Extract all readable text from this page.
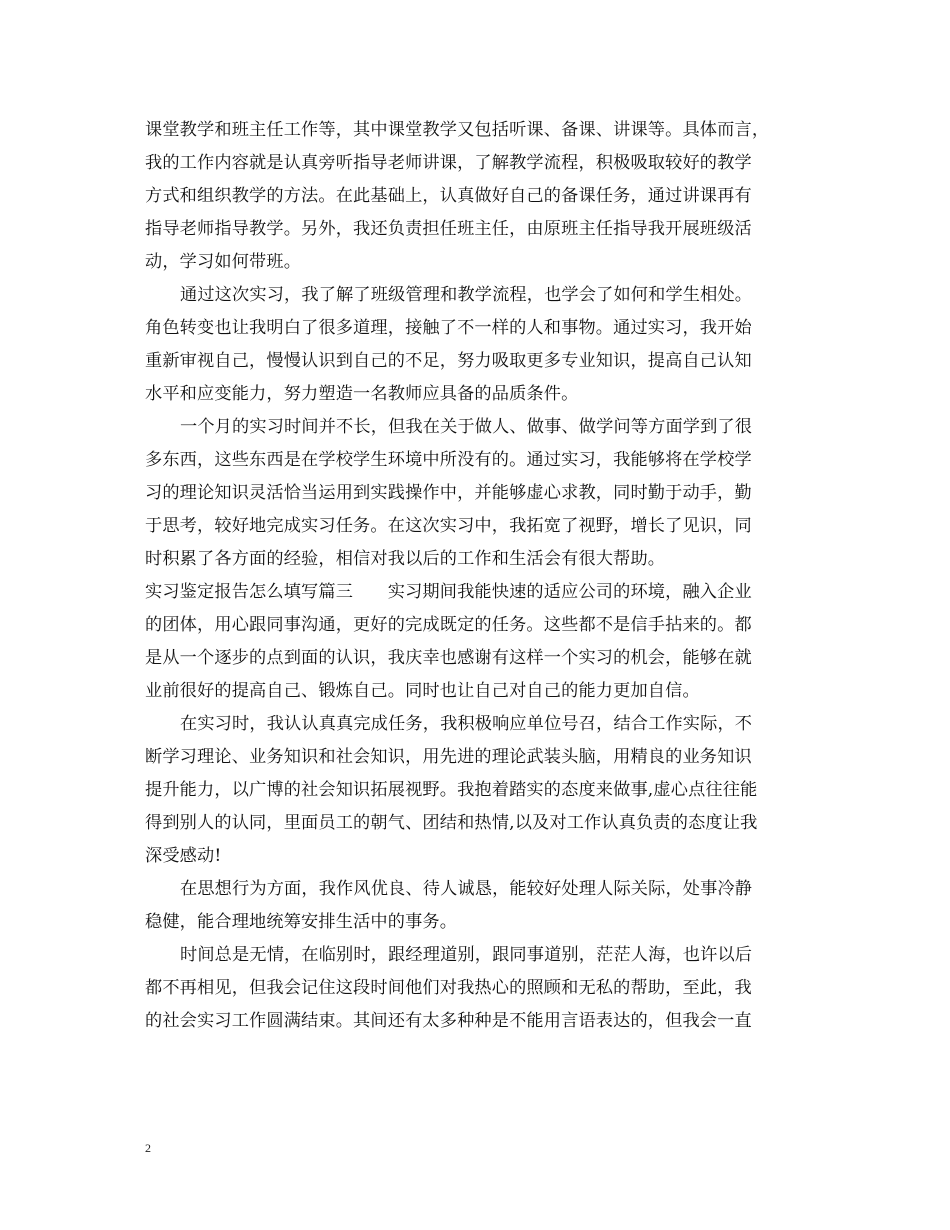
课堂教学和班主任工作等，其中课堂教学又包括听课、备课、讲课等。具体而言，
我的工作内容就是认真旁听指导老师讲课，了解教学流程，积极吸取较好的教学
方式和组织教学的方法。在此基础上，认真做好自己的备课任务，通过讲课再有
指导老师指导教学。另外，我还负责担任班主任，由原班主任指导我开展班级活
动，学习如何带班。
通过这次实习，我了解了班级管理和教学流程，也学会了如何和学生相处。
角色转变也让我明白了很多道理，接触了不一样的人和事物。通过实习，我开始
重新审视自己，慢慢认识到自己的不足，努力吸取更多专业知识，提高自己认知
水平和应变能力，努力塑造一名教师应具备的品质条件。
一个月的实习时间并不长，但我在关于做人、做事、做学问等方面学到了很
多东西，这些东西是在学校学生环境中所没有的。通过实习，我能够将在学校学
习的理论知识灵活恰当运用到实践操作中，并能够虚心求教，同时勤于动手，勤
于思考，较好地完成实习任务。在这次实习中，我拓宽了视野，增长了见识，同
时积累了各方面的经验，相信对我以后的工作和生活会有很大帮助。
实习鉴定报告怎么填写篇三　　实习期间我能快速的适应公司的环境，融入企业
的团体，用心跟同事沟通，更好的完成既定的任务。这些都不是信手拈来的。都
是从一个逐步的点到面的认识，我庆幸也感谢有这样一个实习的机会，能够在就
业前很好的提高自己、锻炼自己。同时也让自己对自己的能力更加自信。
在实习时，我认认真真完成任务，我积极响应单位号召，结合工作实际，不
断学习理论、业务知识和社会知识，用先进的理论武装头脑，用精良的业务知识
提升能力，以广博的社会知识拓展视野。我抱着踏实的态度来做事,虚心点往往能
得到别人的认同，里面员工的朝气、团结和热情,以及对工作认真负责的态度让我
深受感动!
在思想行为方面，我作风优良、待人诚恳，能较好处理人际关际，处事冷静
稳健，能合理地统筹安排生活中的事务。
时间总是无情，在临别时，跟经理道别，跟同事道别，茫茫人海，也许以后
都不再相见，但我会记住这段时间他们对我热心的照顾和无私的帮助，至此，我
的社会实习工作圆满结束。其间还有太多种种是不能用言语表达的，但我会一直
2
